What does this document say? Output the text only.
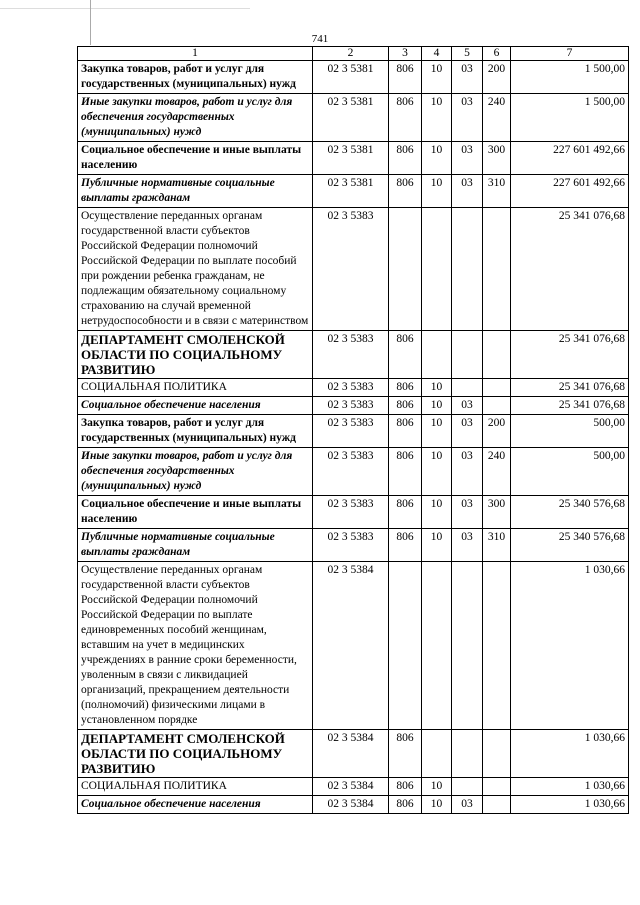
741
1	2	3	4	5	6	7
Закупка товаров, работ и услуг для государственных (муниципальных) нужд	02 3 5381	806	10	03	200	1 500,00
Иные закупки товаров, работ и услуг для обеспечения государственных (муниципальных) нужд	02 3 5381	806	10	03	240	1 500,00
Социальное обеспечение и иные выплаты населению	02 3 5381	806	10	03	300	227 601 492,66
Публичные нормативные социальные выплаты гражданам	02 3 5381	806	10	03	310	227 601 492,66
Осуществление переданных органам государственной власти субъектов Российской Федерации полномочий Российской Федерации по выплате пособий при рождении ребенка гражданам, не подлежащим обязательному социальному страхованию на случай временной нетрудоспособности и в связи с материнством	02 3 5383					25 341 076,68
ДЕПАРТАМЕНТ СМОЛЕНСКОЙ ОБЛАСТИ ПО СОЦИАЛЬНОМУ РАЗВИТИЮ	02 3 5383	806				25 341 076,68
СОЦИАЛЬНАЯ ПОЛИТИКА	02 3 5383	806	10			25 341 076,68
Социальное обеспечение населения	02 3 5383	806	10	03		25 341 076,68
Закупка товаров, работ и услуг для государственных (муниципальных) нужд	02 3 5383	806	10	03	200	500,00
Иные закупки товаров, работ и услуг для обеспечения государственных (муниципальных) нужд	02 3 5383	806	10	03	240	500,00
Социальное обеспечение и иные выплаты населению	02 3 5383	806	10	03	300	25 340 576,68
Публичные нормативные социальные выплаты гражданам	02 3 5383	806	10	03	310	25 340 576,68
Осуществление переданных органам государственной власти субъектов Российской Федерации полномочий Российской Федерации по выплате единовременных пособий женщинам, вставшим на учет в медицинских учреждениях в ранние сроки беременности, уволенным в связи с ликвидацией организаций, прекращением деятельности (полномочий) физическими лицами в установленном порядке	02 3 5384					1 030,66
ДЕПАРТАМЕНТ СМОЛЕНСКОЙ ОБЛАСТИ ПО СОЦИАЛЬНОМУ РАЗВИТИЮ	02 3 5384	806				1 030,66
СОЦИАЛЬНАЯ ПОЛИТИКА	02 3 5384	806	10			1 030,66
Социальное обеспечение населения	02 3 5384	806	10	03		1 030,66
